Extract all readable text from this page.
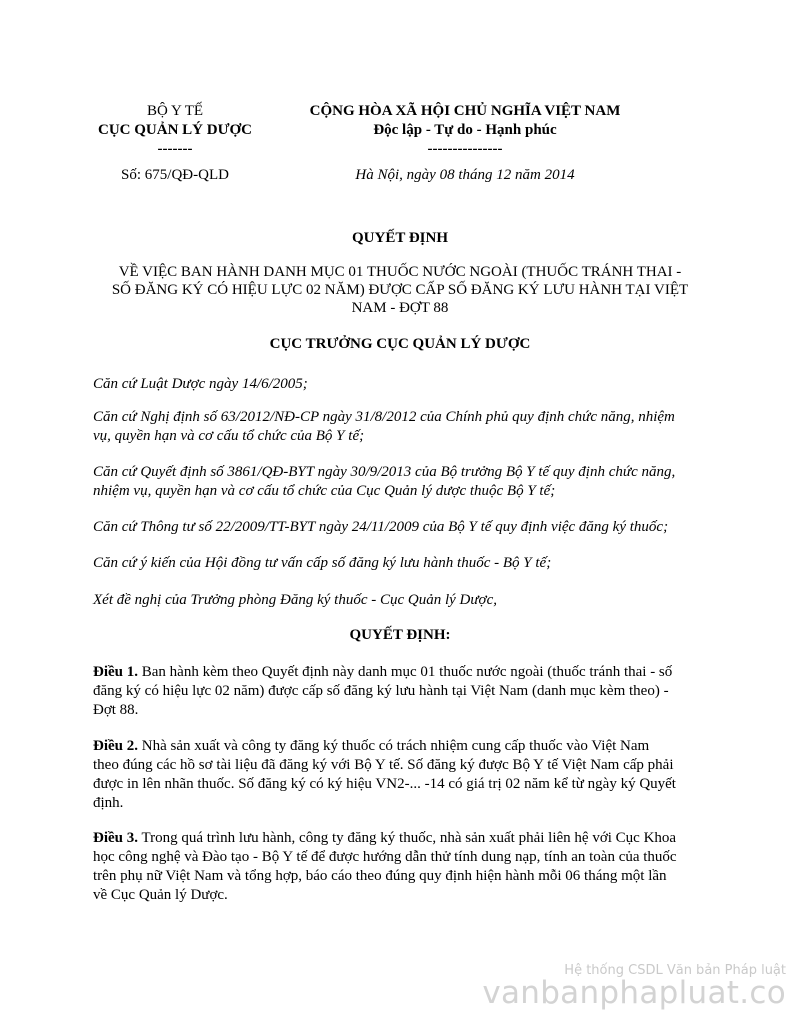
BỘ Y TẾ
CỤC QUẢN LÝ DƯỢC
-------
Số: 675/QĐ-QLD
CỘNG HÒA XÃ HỘI CHỦ NGHĨA VIỆT NAM
Độc lập - Tự do - Hạnh phúc
---------------
Hà Nội, ngày 08 tháng 12 năm 2014
QUYẾT ĐỊNH
VỀ VIỆC BAN HÀNH DANH MỤC 01 THUỐC NƯỚC NGOÀI (THUỐC TRÁNH THAI -
SỐ ĐĂNG KÝ CÓ HIỆU LỰC 02 NĂM) ĐƯỢC CẤP SỐ ĐĂNG KÝ LƯU HÀNH TẠI VIỆT
NAM - ĐỢT 88
CỤC TRƯỞNG CỤC QUẢN LÝ DƯỢC
Căn cứ Luật Dược ngày 14/6/2005;
Căn cứ Nghị định số 63/2012/NĐ-CP ngày 31/8/2012 của Chính phủ quy định chức năng, nhiệm
vụ, quyền hạn và cơ cấu tổ chức của Bộ Y tế;
Căn cứ Quyết định số 3861/QĐ-BYT ngày 30/9/2013 của Bộ trưởng Bộ Y tế quy định chức năng,
nhiệm vụ, quyền hạn và cơ cấu tổ chức của Cục Quản lý dược thuộc Bộ Y tế;
Căn cứ Thông tư số 22/2009/TT-BYT ngày 24/11/2009 của Bộ Y tế quy định việc đăng ký thuốc;
Căn cứ ý kiến của Hội đồng tư vấn cấp số đăng ký lưu hành thuốc - Bộ Y tế;
Xét đề nghị của Trưởng phòng Đăng ký thuốc - Cục Quản lý Dược,
QUYẾT ĐỊNH:
Điều 1. Ban hành kèm theo Quyết định này danh mục 01 thuốc nước ngoài (thuốc tránh thai - số
đăng ký có hiệu lực 02 năm) được cấp số đăng ký lưu hành tại Việt Nam (danh mục kèm theo) -
Đợt 88.
Điều 2. Nhà sản xuất và công ty đăng ký thuốc có trách nhiệm cung cấp thuốc vào Việt Nam
theo đúng các hồ sơ tài liệu đã đăng ký với Bộ Y tế. Số đăng ký được Bộ Y tế Việt Nam cấp phải
được in lên nhãn thuốc. Số đăng ký có ký hiệu VN2-... -14 có giá trị 02 năm kể từ ngày ký Quyết
định.
Điều 3. Trong quá trình lưu hành, công ty đăng ký thuốc, nhà sản xuất phải liên hệ với Cục Khoa
học công nghệ và Đào tạo - Bộ Y tế để được hướng dẫn thử tính dung nạp, tính an toàn của thuốc
trên phụ nữ Việt Nam và tổng hợp, báo cáo theo đúng quy định hiện hành mỗi 06 tháng một lần
về Cục Quản lý Dược.
Hệ thống CSDL Văn bản Pháp luật
vanbanphapluat.co
